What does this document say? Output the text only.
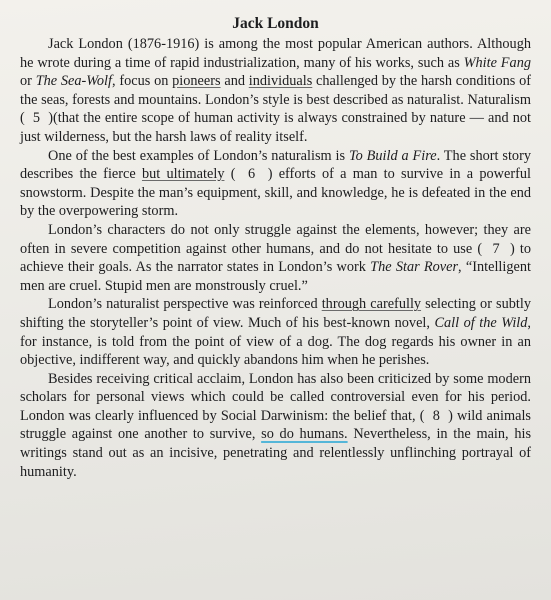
Jack London

Jack London (1876-1916) is among the most popular American authors. Although he wrote during a time of rapid industrialization, many of his works, such as White Fang or The Sea-Wolf, focus on pioneers and individuals challenged by the harsh conditions of the seas, forests and mountains. London’s style is best described as naturalist. Naturalism (  5  )(that the entire scope of human activity is always constrained by nature — and not just wilderness, but the harsh laws of reality itself.

One of the best examples of London’s naturalism is To Build a Fire. The short story describes the fierce but ultimately (  6  ) efforts of a man to survive in a powerful snowstorm. Despite the man’s equipment, skill, and knowledge, he is defeated in the end by the overpowering storm.

London’s characters do not only struggle against the elements, however; they are often in severe competition against other humans, and do not hesitate to use (  7  ) to achieve their goals. As the narrator states in London’s work The Star Rover, “Intelligent men are cruel. Stupid men are monstrously cruel.”

London’s naturalist perspective was reinforced through carefully selecting or subtly shifting the storyteller’s point of view. Much of his best-known novel, Call of the Wild, for instance, is told from the point of view of a dog. The dog regards his owner in an objective, indifferent way, and quickly abandons him when he perishes.

Besides receiving critical acclaim, London has also been criticized by some modern scholars for personal views which could be called controversial even for his period. London was clearly influenced by Social Darwinism: the belief that, (  8  ) wild animals struggle against one another to survive, so do humans. Nevertheless, in the main, his writings stand out as an incisive, penetrating and relentlessly unflinching portrayal of humanity.
